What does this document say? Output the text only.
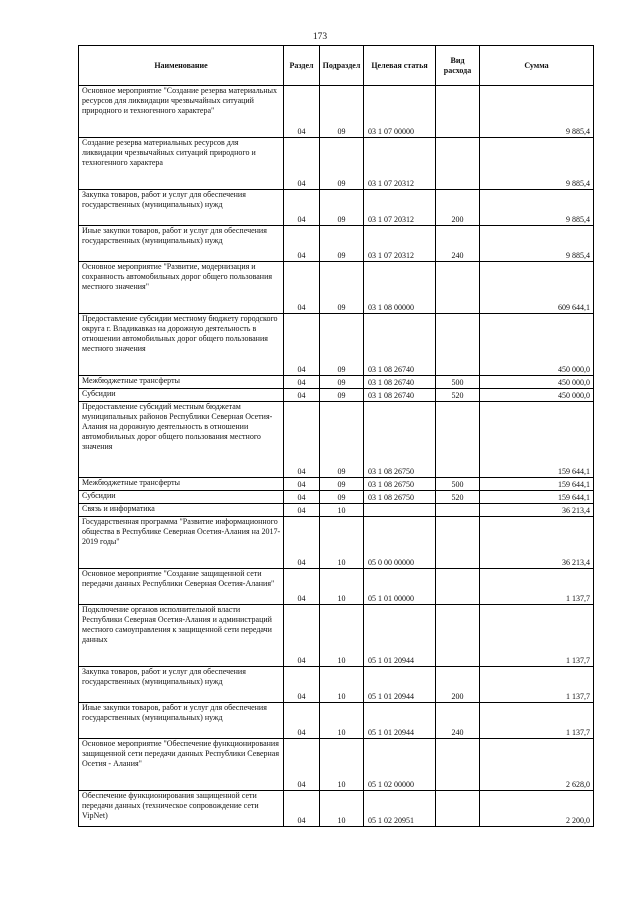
173
Наименование	Раздел	Подраздел	Целевая статья	Вид расхода	Сумма
Основное мероприятие "Создание резерва материальных ресурсов для ликвидации чрезвычайных ситуаций природного и техногенного характера"	04	09	03 1 07 00000		9 885,4
Создание резерва материальных ресурсов для ликвидации чрезвычайных ситуаций природного и техногенного характера	04	09	03 1 07 20312		9 885,4
Закупка товаров, работ и услуг для обеспечения государственных (муниципальных) нужд	04	09	03 1 07 20312	200	9 885,4
Иные закупки товаров, работ и услуг для обеспечения государственных (муниципальных) нужд	04	09	03 1 07 20312	240	9 885,4
Основное мероприятие "Развитие, модернизация и сохранность автомобильных дорог общего пользования местного значения"	04	09	03 1 08 00000		609 644,1
Предоставление субсидии местному бюджету городского округа г. Владикавказ на дорожную деятельность в отношении автомобильных дорог общего пользования местного значения	04	09	03 1 08 26740		450 000,0
Межбюджетные трансферты	04	09	03 1 08 26740	500	450 000,0
Субсидии	04	09	03 1 08 26740	520	450 000,0
Предоставление субсидий местным бюджетам муниципальных районов Республики Северная Осетия-Алания на дорожную деятельность в отношении автомобильных дорог общего пользования местного значения	04	09	03 1 08 26750		159 644,1
Межбюджетные трансферты	04	09	03 1 08 26750	500	159 644,1
Субсидии	04	09	03 1 08 26750	520	159 644,1
Связь и информатика	04	10			36 213,4
Государственная программа "Развитие информационного общества в Республике Северная Осетия-Алания на 2017-2019 годы"	04	10	05 0 00 00000		36 213,4
Основное мероприятие "Создание защищенной сети передачи данных Республики Северная Осетия-Алания"	04	10	05 1 01 00000		1 137,7
Подключение органов исполнительной власти Республики Северная Осетия-Алания и администраций местного самоуправления к защищенной сети передачи данных	04	10	05 1 01 20944		1 137,7
Закупка товаров, работ и услуг для обеспечения государственных (муниципальных) нужд	04	10	05 1 01 20944	200	1 137,7
Иные закупки товаров, работ и услуг для обеспечения государственных (муниципальных) нужд	04	10	05 1 01 20944	240	1 137,7
Основное мероприятие "Обеспечение функционирования защищенной сети передачи данных Республики Северная Осетия - Алания"	04	10	05 1 02 00000		2 628,0
Обеспечение функционирования защищенной сети передачи данных (техническое сопровождение сети VipNet)	04	10	05 1 02 20951		2 200,0
